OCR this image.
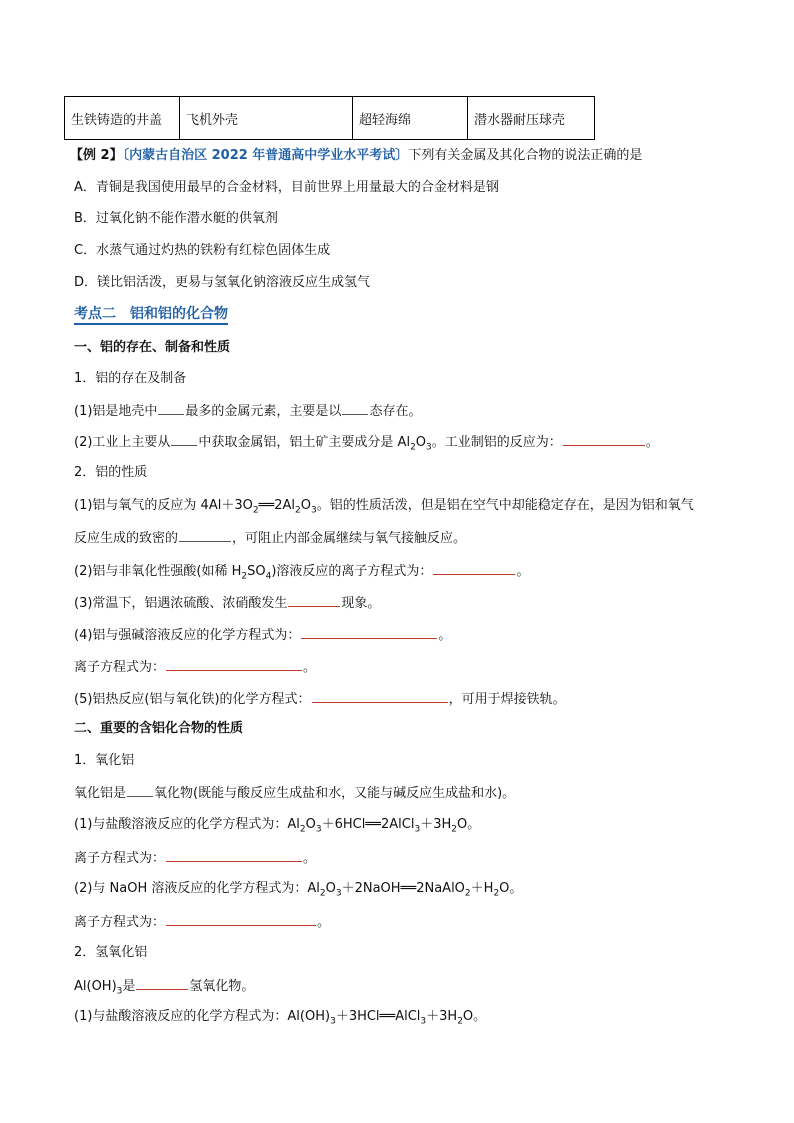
生铁铸造的井盖	飞机外壳	超轻海绵	潜水器耐压球壳
【例 2】〔内蒙古自治区 2022 年普通高中学业水平考试〕下列有关金属及其化合物的说法正确的是
A．青铜是我国使用最早的合金材料，目前世界上用量最大的合金材料是钢
B．过氧化钠不能作潜水艇的供氧剂
C．水蒸气通过灼热的铁粉有红棕色固体生成
D．镁比铝活泼，更易与氢氧化钠溶液反应生成氢气
考点二　铝和铝的化合物
一、铝的存在、制备和性质
1．铝的存在及制备
(1)铝是地壳中 最多的金属元素，主要是以 态存在。
(2)工业上主要从 中获取金属铝，铝土矿主要成分是 $Al_2O_3$。工业制铝的反应为：	。
2．铝的性质
(1)铝与氧气的反应为 $4Al+3O_2══2Al_2O_3$。铝的性质活泼，但是铝在空气中却能稳定存在，是因为铝和氧气
反应生成的致密的	，可阻止内部金属继续与氧气接触反应。
(2)铝与非氧化性强酸(如稀 $H_2SO_4$)溶液反应的离子方程式为：	。
(3)常温下，铝遇浓硫酸、浓硝酸发生	现象。
(4)铝与强碱溶液反应的化学方程式为：	。
离子方程式为：	。
(5)铝热反应(铝与氧化铁)的化学方程式：	，可用于焊接铁轨。
二、重要的含铝化合物的性质
1．氧化铝
氧化铝是 氧化物(既能与酸反应生成盐和水，又能与碱反应生成盐和水)。
(1)与盐酸溶液反应的化学方程式为：$Al_2O_3+6HCl══2AlCl_3+3H_2O$。
离子方程式为：	。
(2)与 NaOH 溶液反应的化学方程式为：$Al_2O_3+2NaOH══2NaAlO_2+H_2O$。
离子方程式为：	。
2．氢氧化铝
$Al(OH)_3$是	氢氧化物。
(1)与盐酸溶液反应的化学方程式为：$Al(OH)_3+3HCl══AlCl_3+3H_2O$。
